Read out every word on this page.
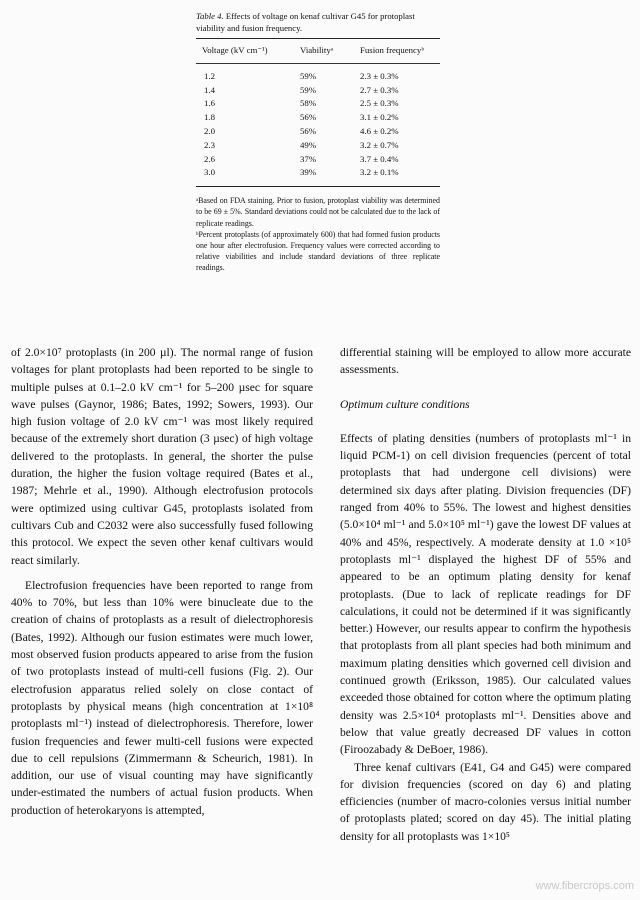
Table 4. Effects of voltage on kenaf cultivar G45 for protoplast viability and fusion frequency.

Voltage (kV cm⁻¹)	Viabilityᵃ	Fusion frequencyᵇ

1.2	59%	2.3 ± 0.3%
1.4	59%	2.7 ± 0.3%
1.6	58%	2.5 ± 0.3%
1.8	56%	3.1 ± 0.2%
2.0	56%	4.6 ± 0.2%
2.3	49%	3.2 ± 0.7%
2.6	37%	3.7 ± 0.4%
3.0	39%	3.2 ± 0.1%

ᵃBased on FDA staining. Prior to fusion, protoplast viability was determined to be 69 ± 5%. Standard deviations could not be calculated due to the lack of replicate readings.

ᵇPercent protoplasts (of approximately 600) that had formed fusion products one hour after electrofusion. Frequency values were corrected according to relative viabilities and include standard deviations of three replicate readings.

of 2.0×10⁷ protoplasts (in 200 µl). The normal range of fusion voltages for plant protoplasts had been reported to be single to multiple pulses at 0.1–2.0 kV cm⁻¹ for 5–200 µsec for square wave pulses (Gaynor, 1986; Bates, 1992; Sowers, 1993). Our high fusion voltage of 2.0 kV cm⁻¹ was most likely required because of the extremely short duration (3 µsec) of high voltage delivered to the protoplasts. In general, the shorter the pulse duration, the higher the fusion voltage required (Bates et al., 1987; Mehrle et al., 1990). Although electrofusion protocols were optimized using cultivar G45, protoplasts isolated from cultivars Cub and C2032 were also successfully fused following this protocol. We expect the seven other kenaf cultivars would react similarly.

Electrofusion frequencies have been reported to range from 40% to 70%, but less than 10% were binucleate due to the creation of chains of protoplasts as a result of dielectrophoresis (Bates, 1992). Although our fusion estimates were much lower, most observed fusion products appeared to arise from the fusion of two protoplasts instead of multi-cell fusions (Fig. 2). Our electrofusion apparatus relied solely on close contact of protoplasts by physical means (high concentration at 1×10⁸ protoplasts ml⁻¹) instead of dielectrophoresis. Therefore, lower fusion frequencies and fewer multi-cell fusions were expected due to cell repulsions (Zimmermann & Scheurich, 1981). In addition, our use of visual counting may have significantly under-estimated the numbers of actual fusion products. When production of heterokaryons is attempted,

differential staining will be employed to allow more accurate assessments.

Optimum culture conditions

Effects of plating densities (numbers of protoplasts ml⁻¹ in liquid PCM-1) on cell division frequencies (percent of total protoplasts that had undergone cell divisions) were determined six days after plating. Division frequencies (DF) ranged from 40% to 55%. The lowest and highest densities (5.0×10⁴ ml⁻¹ and 5.0×10⁵ ml⁻¹) gave the lowest DF values at 40% and 45%, respectively. A moderate density at 1.0 ×10⁵ protoplasts ml⁻¹ displayed the highest DF of 55% and appeared to be an optimum plating density for kenaf protoplasts. (Due to lack of replicate readings for DF calculations, it could not be determined if it was significantly better.) However, our results appear to confirm the hypothesis that protoplasts from all plant species had both minimum and maximum plating densities which governed cell division and continued growth (Eriksson, 1985). Our calculated values exceeded those obtained for cotton where the optimum plating density was 2.5×10⁴ protoplasts ml⁻¹. Densities above and below that value greatly decreased DF values in cotton (Firoozabady & DeBoer, 1986).

Three kenaf cultivars (E41, G4 and G45) were compared for division frequencies (scored on day 6) and plating efficiencies (number of macro-colonies versus initial number of protoplasts plated; scored on day 45). The initial plating density for all protoplasts was 1×10⁵

www.fibercrops.com
